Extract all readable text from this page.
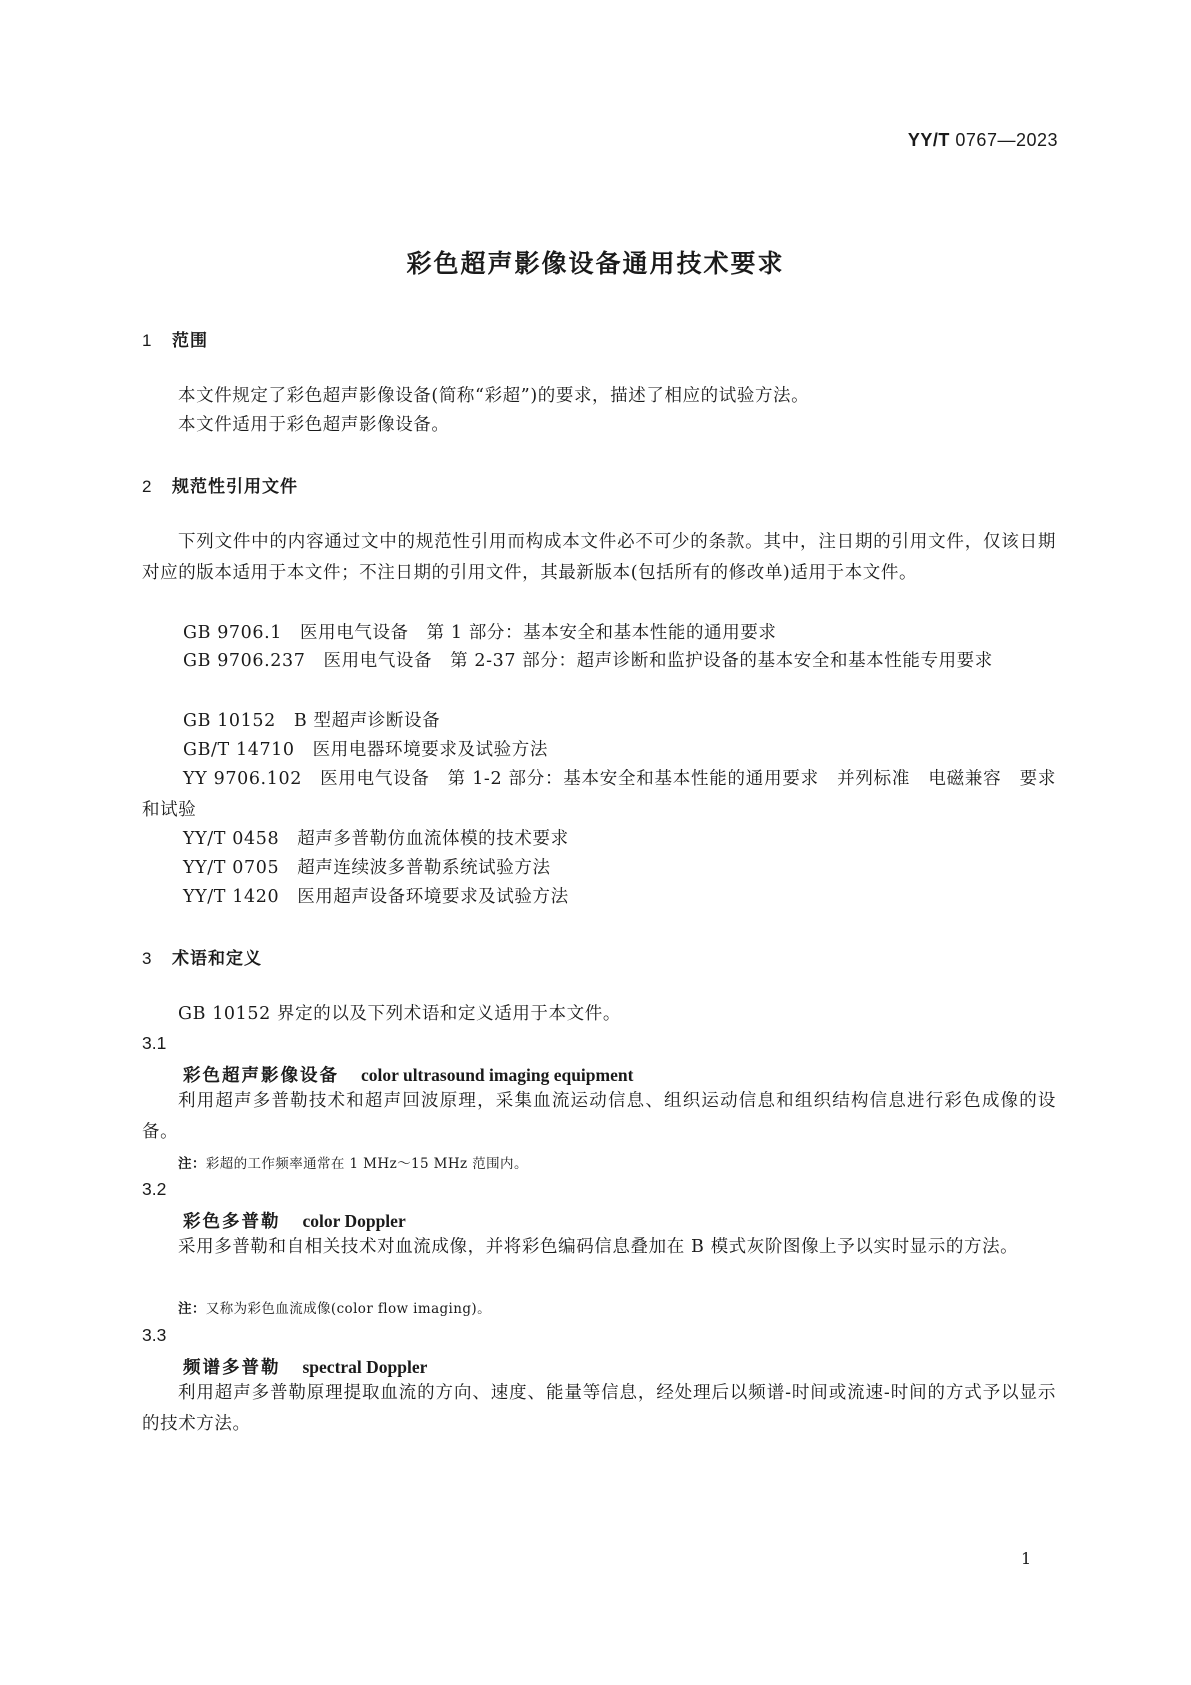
YY/T 0767—2023
彩色超声影像设备通用技术要求
1 范围
本文件规定了彩色超声影像设备(简称“彩超”)的要求，描述了相应的试验方法。
本文件适用于彩色超声影像设备。
2 规范性引用文件
下列文件中的内容通过文中的规范性引用而构成本文件必不可少的条款。其中，注日期的引用文件，仅该日期对应的版本适用于本文件；不注日期的引用文件，其最新版本(包括所有的修改单)适用于本文件。
GB 9706.1 医用电气设备 第 1 部分：基本安全和基本性能的通用要求
GB 9706.237 医用电气设备 第 2-37 部分：超声诊断和监护设备的基本安全和基本性能专用要求
GB 10152 B 型超声诊断设备
GB/T 14710 医用电器环境要求及试验方法
YY 9706.102 医用电气设备 第 1-2 部分：基本安全和基本性能的通用要求　并列标准　电磁兼容　要求和试验
YY/T 0458 超声多普勒仿血流体模的技术要求
YY/T 0705 超声连续波多普勒系统试验方法
YY/T 1420 医用超声设备环境要求及试验方法
3 术语和定义
GB 10152 界定的以及下列术语和定义适用于本文件。
3.1
彩色超声影像设备 color ultrasound imaging equipment
利用超声多普勒技术和超声回波原理，采集血流运动信息、组织运动信息和组织结构信息进行彩色成像的设备。
注：彩超的工作频率通常在 1 MHz～15 MHz 范围内。
3.2
彩色多普勒 color Doppler
采用多普勒和自相关技术对血流成像，并将彩色编码信息叠加在 B 模式灰阶图像上予以实时显示的方法。
注：又称为彩色血流成像(color flow imaging)。
3.3
频谱多普勒 spectral Doppler
利用超声多普勒原理提取血流的方向、速度、能量等信息，经处理后以频谱-时间或流速-时间的方式予以显示的技术方法。
1
